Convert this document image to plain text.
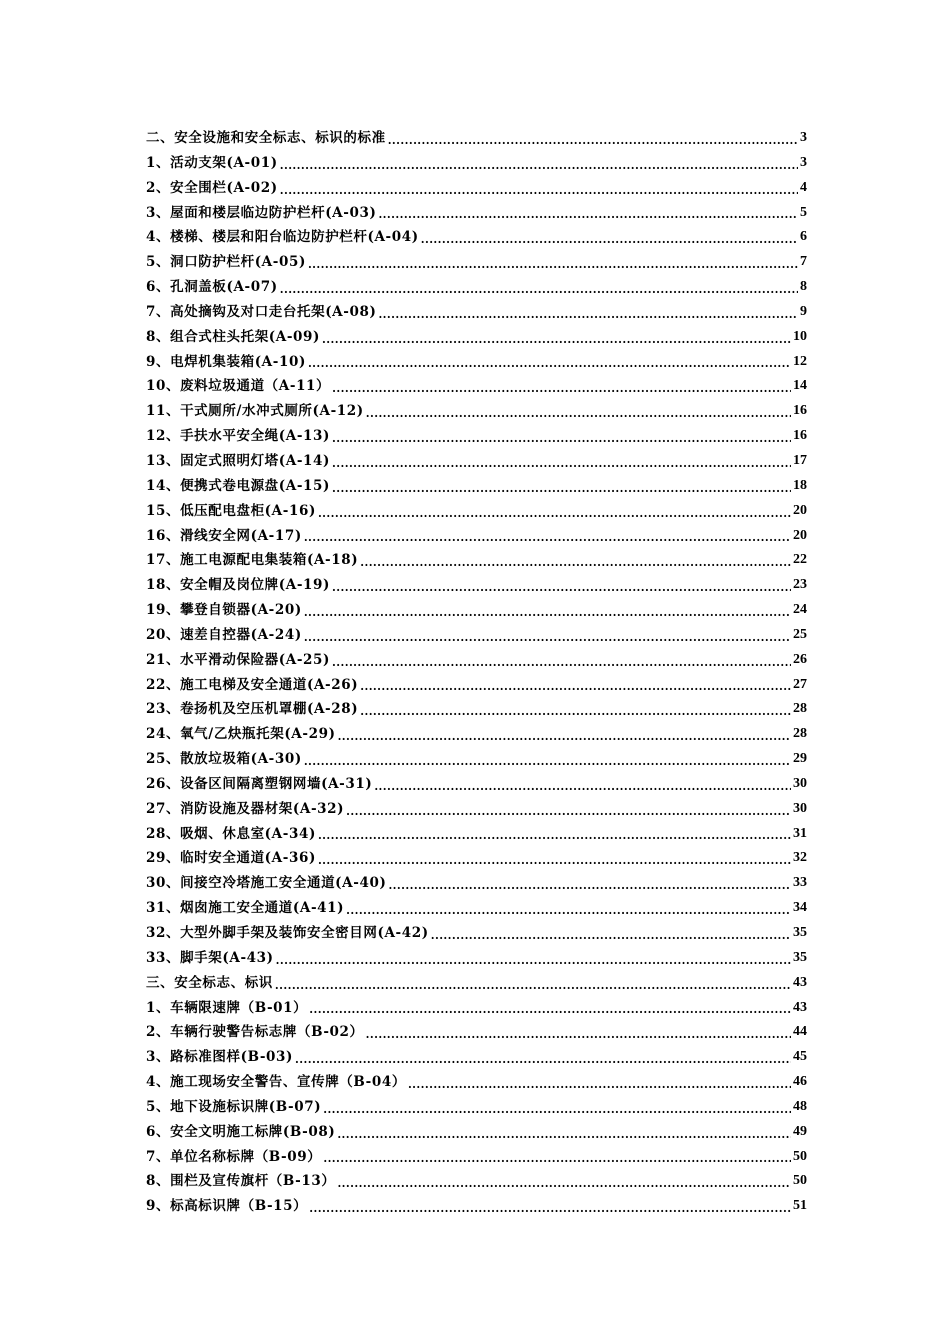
二、安全设施和安全标志、标识的标准 .....	3
1、活动支架(A-01) .....	3
2、安全围栏(A-02) .....	4
3、屋面和楼层临边防护栏杆(A-03) .....	5
4、楼梯、楼层和阳台临边防护栏杆(A-04) .....	6
5、洞口防护栏杆(A-05) .....	7
6、孔洞盖板(A-07) .....	8
7、高处摘钩及对口走台托架(A-08) .....	9
8、组合式柱头托架(A-09) .....	10
9、电焊机集装箱(A-10) .....	12
10、废料垃圾通道（A-11） .....	14
11、干式厕所/水冲式厕所(A-12) .....	16
12、手扶水平安全绳(A-13) .....	16
13、固定式照明灯塔(A-14) .....	17
14、便携式卷电源盘(A-15) .....	18
15、低压配电盘柜(A-16) .....	20
16、滑线安全网(A-17) .....	20
17、施工电源配电集装箱(A-18) .....	22
18、安全帽及岗位牌(A-19) .....	23
19、攀登自锁器(A-20) .....	24
20、速差自控器(A-24) .....	25
21、水平滑动保险器(A-25) .....	26
22、施工电梯及安全通道(A-26) .....	27
23、卷扬机及空压机罩棚(A-28) .....	28
24、氧气/乙炔瓶托架(A-29) .....	28
25、散放垃圾箱(A-30) .....	29
26、设备区间隔离塑钢网墙(A-31) .....	30
27、消防设施及器材架(A-32) .....	30
28、吸烟、休息室(A-34) .....	31
29、临时安全通道(A-36) .....	32
30、间接空冷塔施工安全通道(A-40) .....	33
31、烟囱施工安全通道(A-41) .....	34
32、大型外脚手架及装饰安全密目网(A-42) .....	35
33、脚手架(A-43) .....	35
三、安全标志、标识 .....	43
1、车辆限速牌（B-01） .....	43
2、车辆行驶警告标志牌（B-02） .....	44
3、路标准图样(B-03) .....	45
4、施工现场安全警告、宣传牌（B-04） .....	46
5、地下设施标识牌(B-07) .....	48
6、安全文明施工标牌(B-08) .....	49
7、单位名称标牌（B-09） .....	50
8、围栏及宣传旗杆（B-13） .....	50
9、标高标识牌（B-15） .....	51
